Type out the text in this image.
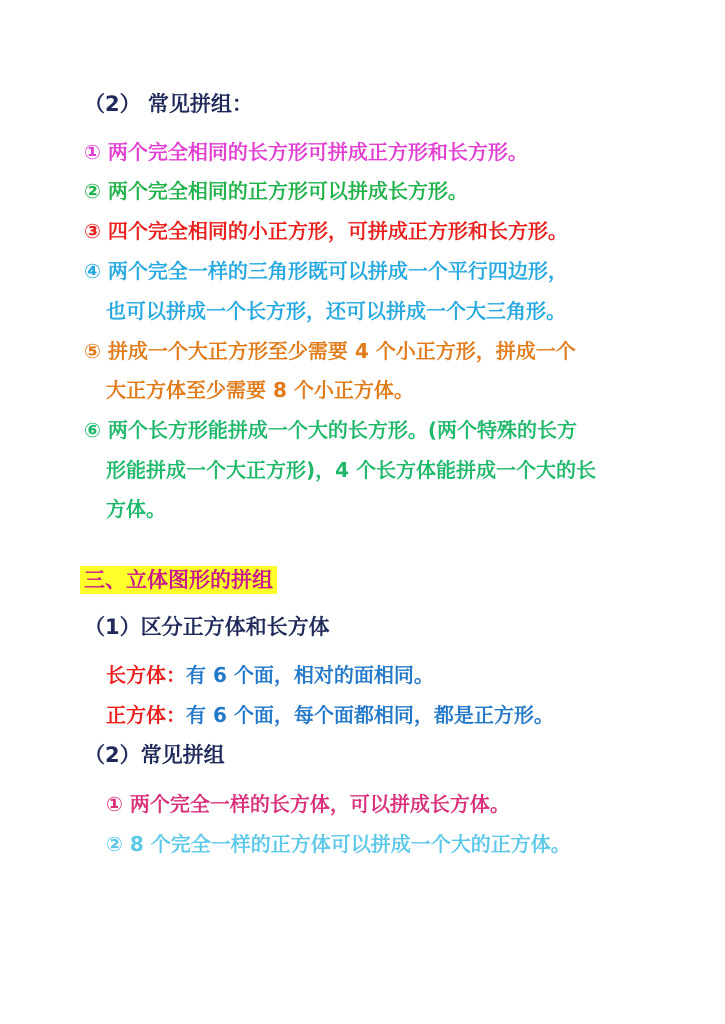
（2） 常见拼组：
① 两个完全相同的长方形可拼成正方形和长方形。
② 两个完全相同的正方形可以拼成长方形。
③ 四个完全相同的小正方形，可拼成正方形和长方形。
④ 两个完全一样的三角形既可以拼成一个平行四边形，
也可以拼成一个长方形，还可以拼成一个大三角形。
⑤ 拼成一个大正方形至少需要 4 个小正方形，拼成一个
大正方体至少需要 8 个小正方体。
⑥ 两个长方形能拼成一个大的长方形。(两个特殊的长方
形能拼成一个大正方形)，4 个长方体能拼成一个大的长
方体。
三、立体图形的拼组
（1）区分正方体和长方体
长方体：有 6 个面，相对的面相同。
正方体：有 6 个面，每个面都相同，都是正方形。
（2）常见拼组
① 两个完全一样的长方体，可以拼成长方体。
② 8 个完全一样的正方体可以拼成一个大的正方体。
